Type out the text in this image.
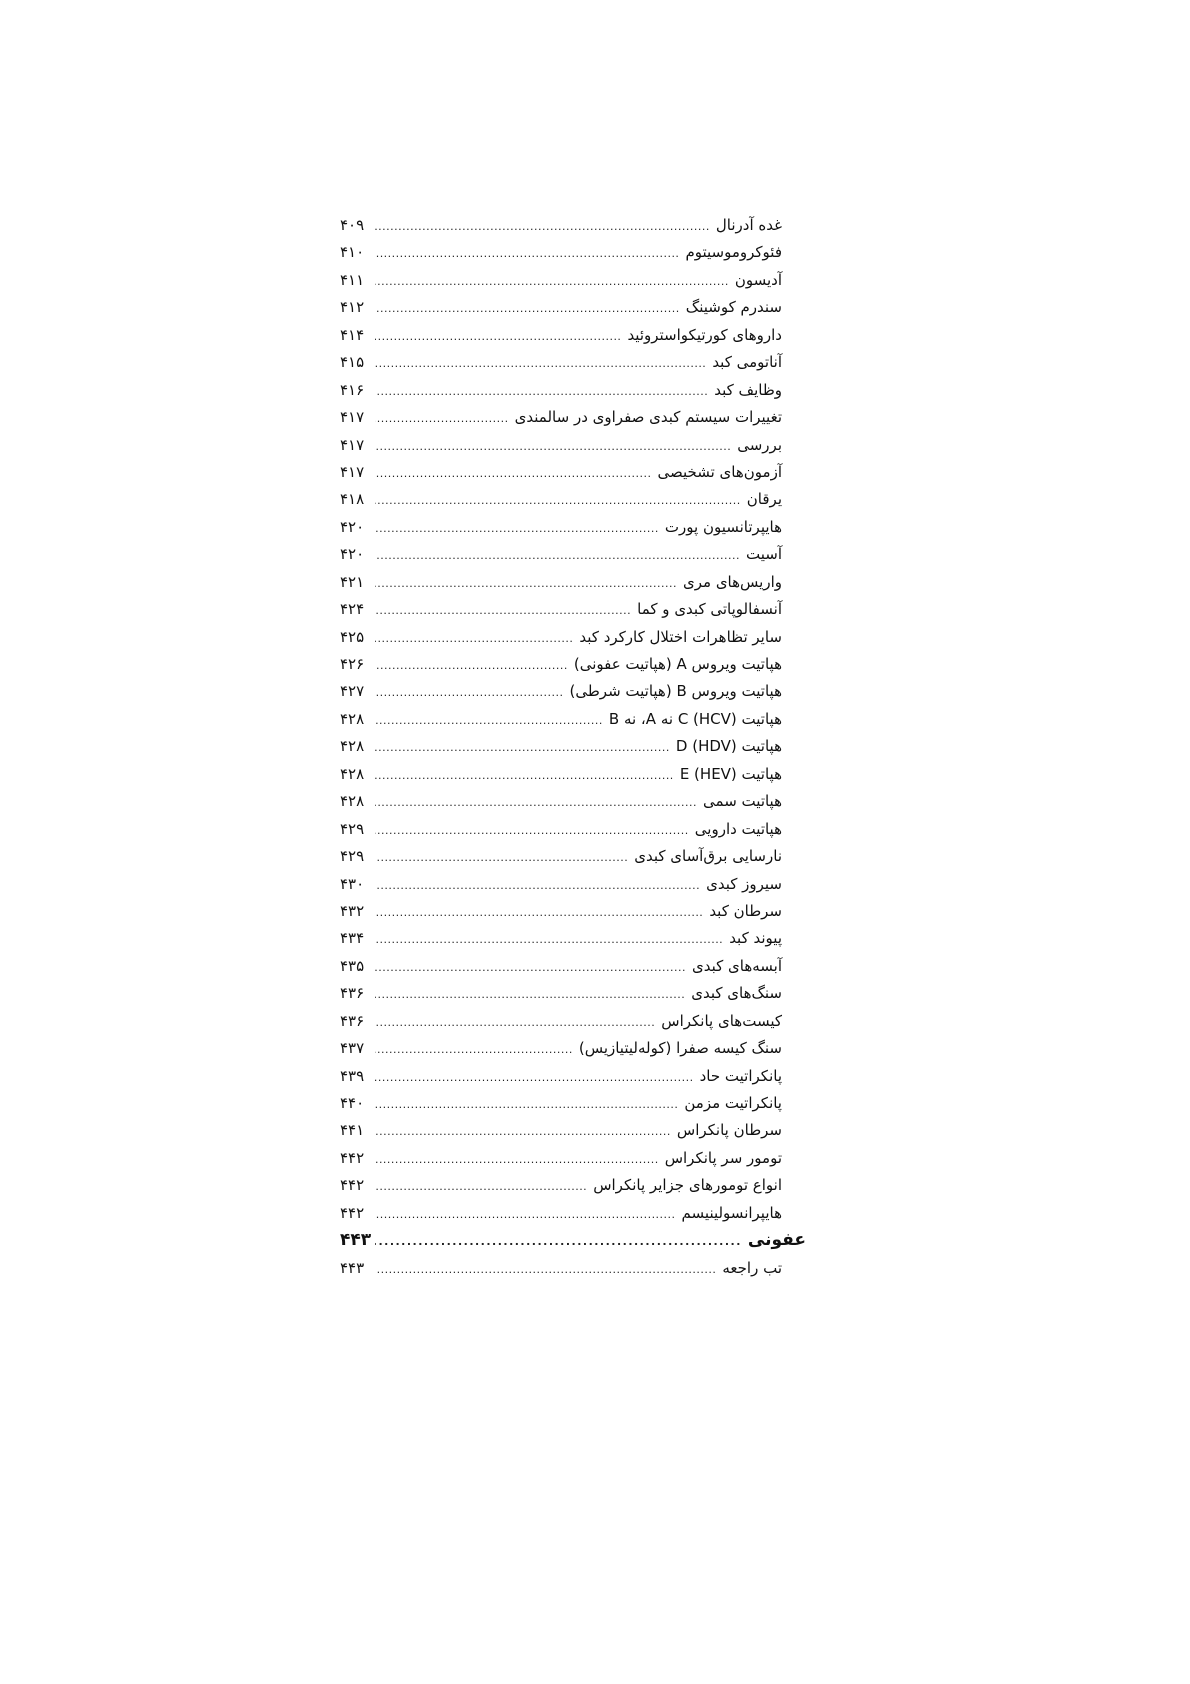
غده آدرنال
.....
۴۰۹
فئوکروموسیتوم
.....
۴۱۰
آدیسون
.....
۴۱۱
سندرم کوشینگ
.....
۴۱۲
داروهای کورتیکواستروئید
.....
۴۱۴
آناتومی کبد
.....
۴۱۵
وظایف کبد
.....
۴۱۶
تغییرات سیستم کبدی صفراوی در سالمندی
.....
۴۱۷
بررسی
.....
۴۱۷
آزمون‌های تشخیصی
.....
۴۱۷
یرقان
.....
۴۱۸
هایپرتانسیون پورت
.....
۴۲۰
آسیت
.....
۴۲۰
واریس‌های مری
.....
۴۲۱
آنسفالوپاتی کبدی و کما
.....
۴۲۴
سایر تظاهرات اختلال کارکرد کبد
.....
۴۲۵
هپاتیت ویروس A (هپاتیت عفونی)
.....
۴۲۶
هپاتیت ویروس B (هپاتیت شرطی)
.....
۴۲۷
هپاتیت C (HCV) نه A، نه B
.....
۴۲۸
هپاتیت D (HDV)
.....
۴۲۸
هپاتیت E (HEV)
.....
۴۲۸
هپاتیت سمی
.....
۴۲۸
هپاتیت دارویی
.....
۴۲۹
نارسایی برق‌آسای کبدی
.....
۴۲۹
سیروز کبدی
.....
۴۳۰
سرطان کبد
.....
۴۳۲
پیوند کبد
.....
۴۳۴
آبسه‌های کبدی
.....
۴۳۵
سنگ‌های کبدی
.....
۴۳۶
کیست‌های پانکراس
.....
۴۳۶
سنگ کیسه صفرا (کوله‌لیتیازیس)
.....
۴۳۷
پانکراتیت حاد
.....
۴۳۹
پانکراتیت مزمن
.....
۴۴۰
سرطان پانکراس
.....
۴۴۱
تومور سر پانکراس
.....
۴۴۲
انواع تومورهای جزایر پانکراس
.....
۴۴۲
هایپرانسولینیسم
.....
۴۴۲
عفونی
.....
۴۴۳
تب راجعه
.....
۴۴۳
